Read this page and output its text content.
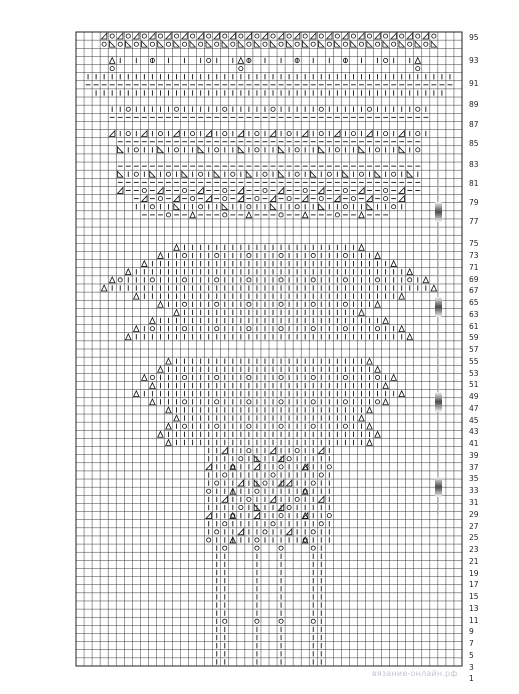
95
93
91
89
87
85
83
81
79
77
75
73
71
69
67
65
63
61
59
57
55
53
51
49
47
45
43
41
39
37
35
33
31
29
27
25
23
21
19
17
15
13
11
9
7
5
3
1
вязание-онлайн.рф
